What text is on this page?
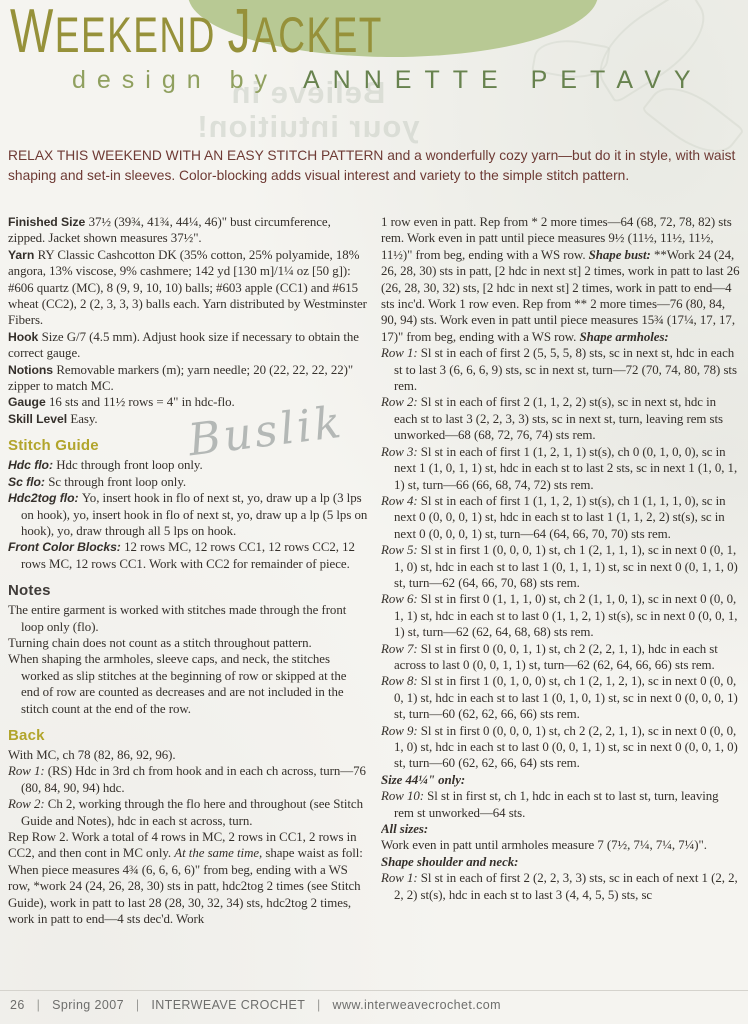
Believe in
your intuition!
WEEKEND JACKET
design by ANNETTE PETAVY

RELAX THIS WEEKEND WITH AN EASY STITCH PATTERN and a wonderfully cozy yarn—but do it in style, with waist shaping and set-in sleeves. Color-blocking adds visual interest and variety to the simple stitch pattern.

Finished Size 37½ (39¾, 41¾, 44¼, 46)" bust circumference, zipped. Jacket shown measures 37½".

Yarn RY Classic Cashcotton DK (35% cotton, 25% polyamide, 18% angora, 13% viscose, 9% cashmere; 142 yd [130 m]/1¼ oz [50 g]): #606 quartz (MC), 8 (9, 9, 10, 10) balls; #603 apple (CC1) and #615 wheat (CC2), 2 (2, 3, 3, 3) balls each. Yarn distributed by Westminster Fibers.

Hook Size G/7 (4.5 mm). Adjust hook size if necessary to obtain the correct gauge.

Notions Removable markers (m); yarn needle; 20 (22, 22, 22, 22)" zipper to match MC.

Gauge 16 sts and 11½ rows = 4" in hdc-flo.

Skill Level Easy.

Stitch Guide

Hdc flo: Hdc through front loop only.

Sc flo: Sc through front loop only.

Hdc2tog flo: Yo, insert hook in flo of next st, yo, draw up a lp (3 lps on hook), yo, insert hook in flo of next st, yo, draw up a lp (5 lps on hook), yo, draw through all 5 lps on hook.

Front Color Blocks: 12 rows MC, 12 rows CC1, 12 rows CC2, 12 rows MC, 12 rows CC1. Work with CC2 for remainder of piece.

Notes

The entire garment is worked with stitches made through the front loop only (flo).

Turning chain does not count as a stitch throughout pattern.

When shaping the armholes, sleeve caps, and neck, the stitches worked as slip stitches at the beginning of row or skipped at the end of row are counted as decreases and are not included in the stitch count at the end of the row.

Back

With MC, ch 78 (82, 86, 92, 96).

Row 1: (RS) Hdc in 3rd ch from hook and in each ch across, turn—76 (80, 84, 90, 94) hdc.

Row 2: Ch 2, working through the flo here and throughout (see Stitch Guide and Notes), hdc in each st across, turn.

Rep Row 2. Work a total of 4 rows in MC, 2 rows in CC1, 2 rows in CC2, and then cont in MC only. At the same time, shape waist as foll: When piece measures 4¾ (6, 6, 6, 6)" from beg, ending with a WS row, *work 24 (24, 26, 28, 30) sts in patt, hdc2tog 2 times (see Stitch Guide), work in patt to last 28 (28, 30, 32, 34) sts, hdc2tog 2 times, work in patt to end—4 sts dec'd. Work

1 row even in patt. Rep from * 2 more times—64 (68, 72, 78, 82) sts rem. Work even in patt until piece measures 9½ (11½, 11½, 11½, 11½)" from beg, ending with a WS row. Shape bust: **Work 24 (24, 26, 28, 30) sts in patt, [2 hdc in next st] 2 times, work in patt to last 26 (26, 28, 30, 32) sts, [2 hdc in next st] 2 times, work in patt to end—4 sts inc'd. Work 1 row even. Rep from ** 2 more times—76 (80, 84, 90, 94) sts. Work even in patt until piece measures 15¾ (17¼, 17, 17, 17)" from beg, ending with a WS row. Shape armholes:

Row 1: Sl st in each of first 2 (5, 5, 5, 8) sts, sc in next st, hdc in each st to last 3 (6, 6, 6, 9) sts, sc in next st, turn—72 (70, 74, 80, 78) sts rem.

Row 2: Sl st in each of first 2 (1, 1, 2, 2) st(s), sc in next st, hdc in each st to last 3 (2, 2, 3, 3) sts, sc in next st, turn, leaving rem sts unworked—68 (68, 72, 76, 74) sts rem.

Row 3: Sl st in each of first 1 (1, 2, 1, 1) st(s), ch 0 (0, 1, 0, 0), sc in next 1 (1, 0, 1, 1) st, hdc in each st to last 2 sts, sc in next 1 (1, 0, 1, 1) st, turn—66 (66, 68, 74, 72) sts rem.

Row 4: Sl st in each of first 1 (1, 1, 2, 1) st(s), ch 1 (1, 1, 1, 0), sc in next 0 (0, 0, 0, 1) st, hdc in each st to last 1 (1, 1, 2, 2) st(s), sc in next 0 (0, 0, 0, 1) st, turn—64 (64, 66, 70, 70) sts rem.

Row 5: Sl st in first 1 (0, 0, 0, 1) st, ch 1 (2, 1, 1, 1), sc in next 0 (0, 1, 1, 0) st, hdc in each st to last 1 (0, 1, 1, 1) st, sc in next 0 (0, 1, 1, 0) st, turn—62 (64, 66, 70, 68) sts rem.

Row 6: Sl st in first 0 (1, 1, 1, 0) st, ch 2 (1, 1, 0, 1), sc in next 0 (0, 0, 1, 1) st, hdc in each st to last 0 (1, 1, 2, 1) st(s), sc in next 0 (0, 0, 1, 1) st, turn—62 (62, 64, 68, 68) sts rem.

Row 7: Sl st in first 0 (0, 0, 1, 1) st, ch 2 (2, 2, 1, 1), hdc in each st across to last 0 (0, 0, 1, 1) st, turn—62 (62, 64, 66, 66) sts rem.

Row 8: Sl st in first 1 (0, 1, 0, 0) st, ch 1 (2, 1, 2, 1), sc in next 0 (0, 0, 0, 1) st, hdc in each st to last 1 (0, 1, 0, 1) st, sc in next 0 (0, 0, 0, 1) st, turn—60 (62, 62, 66, 66) sts rem.

Row 9: Sl st in first 0 (0, 0, 0, 1) st, ch 2 (2, 2, 1, 1), sc in next 0 (0, 0, 1, 0) st, hdc in each st to last 0 (0, 0, 1, 1) st, sc in next 0 (0, 0, 1, 0) st, turn—60 (62, 62, 66, 64) sts rem.

Size 44¼" only:

Row 10: Sl st in first st, ch 1, hdc in each st to last st, turn, leaving rem st unworked—64 sts.

All sizes:

Work even in patt until armholes measure 7 (7½, 7¼, 7¼, 7¼)".

Shape shoulder and neck:

Row 1: Sl st in each of first 2 (2, 2, 3, 3) sts, sc in each of next 1 (2, 2, 2, 2) st(s), hdc in each st to last 3 (4, 4, 5, 5) sts, sc

Buslik
26 | Spring 2007 | INTERWEAVE CROCHET | www.interweavecrochet.com
